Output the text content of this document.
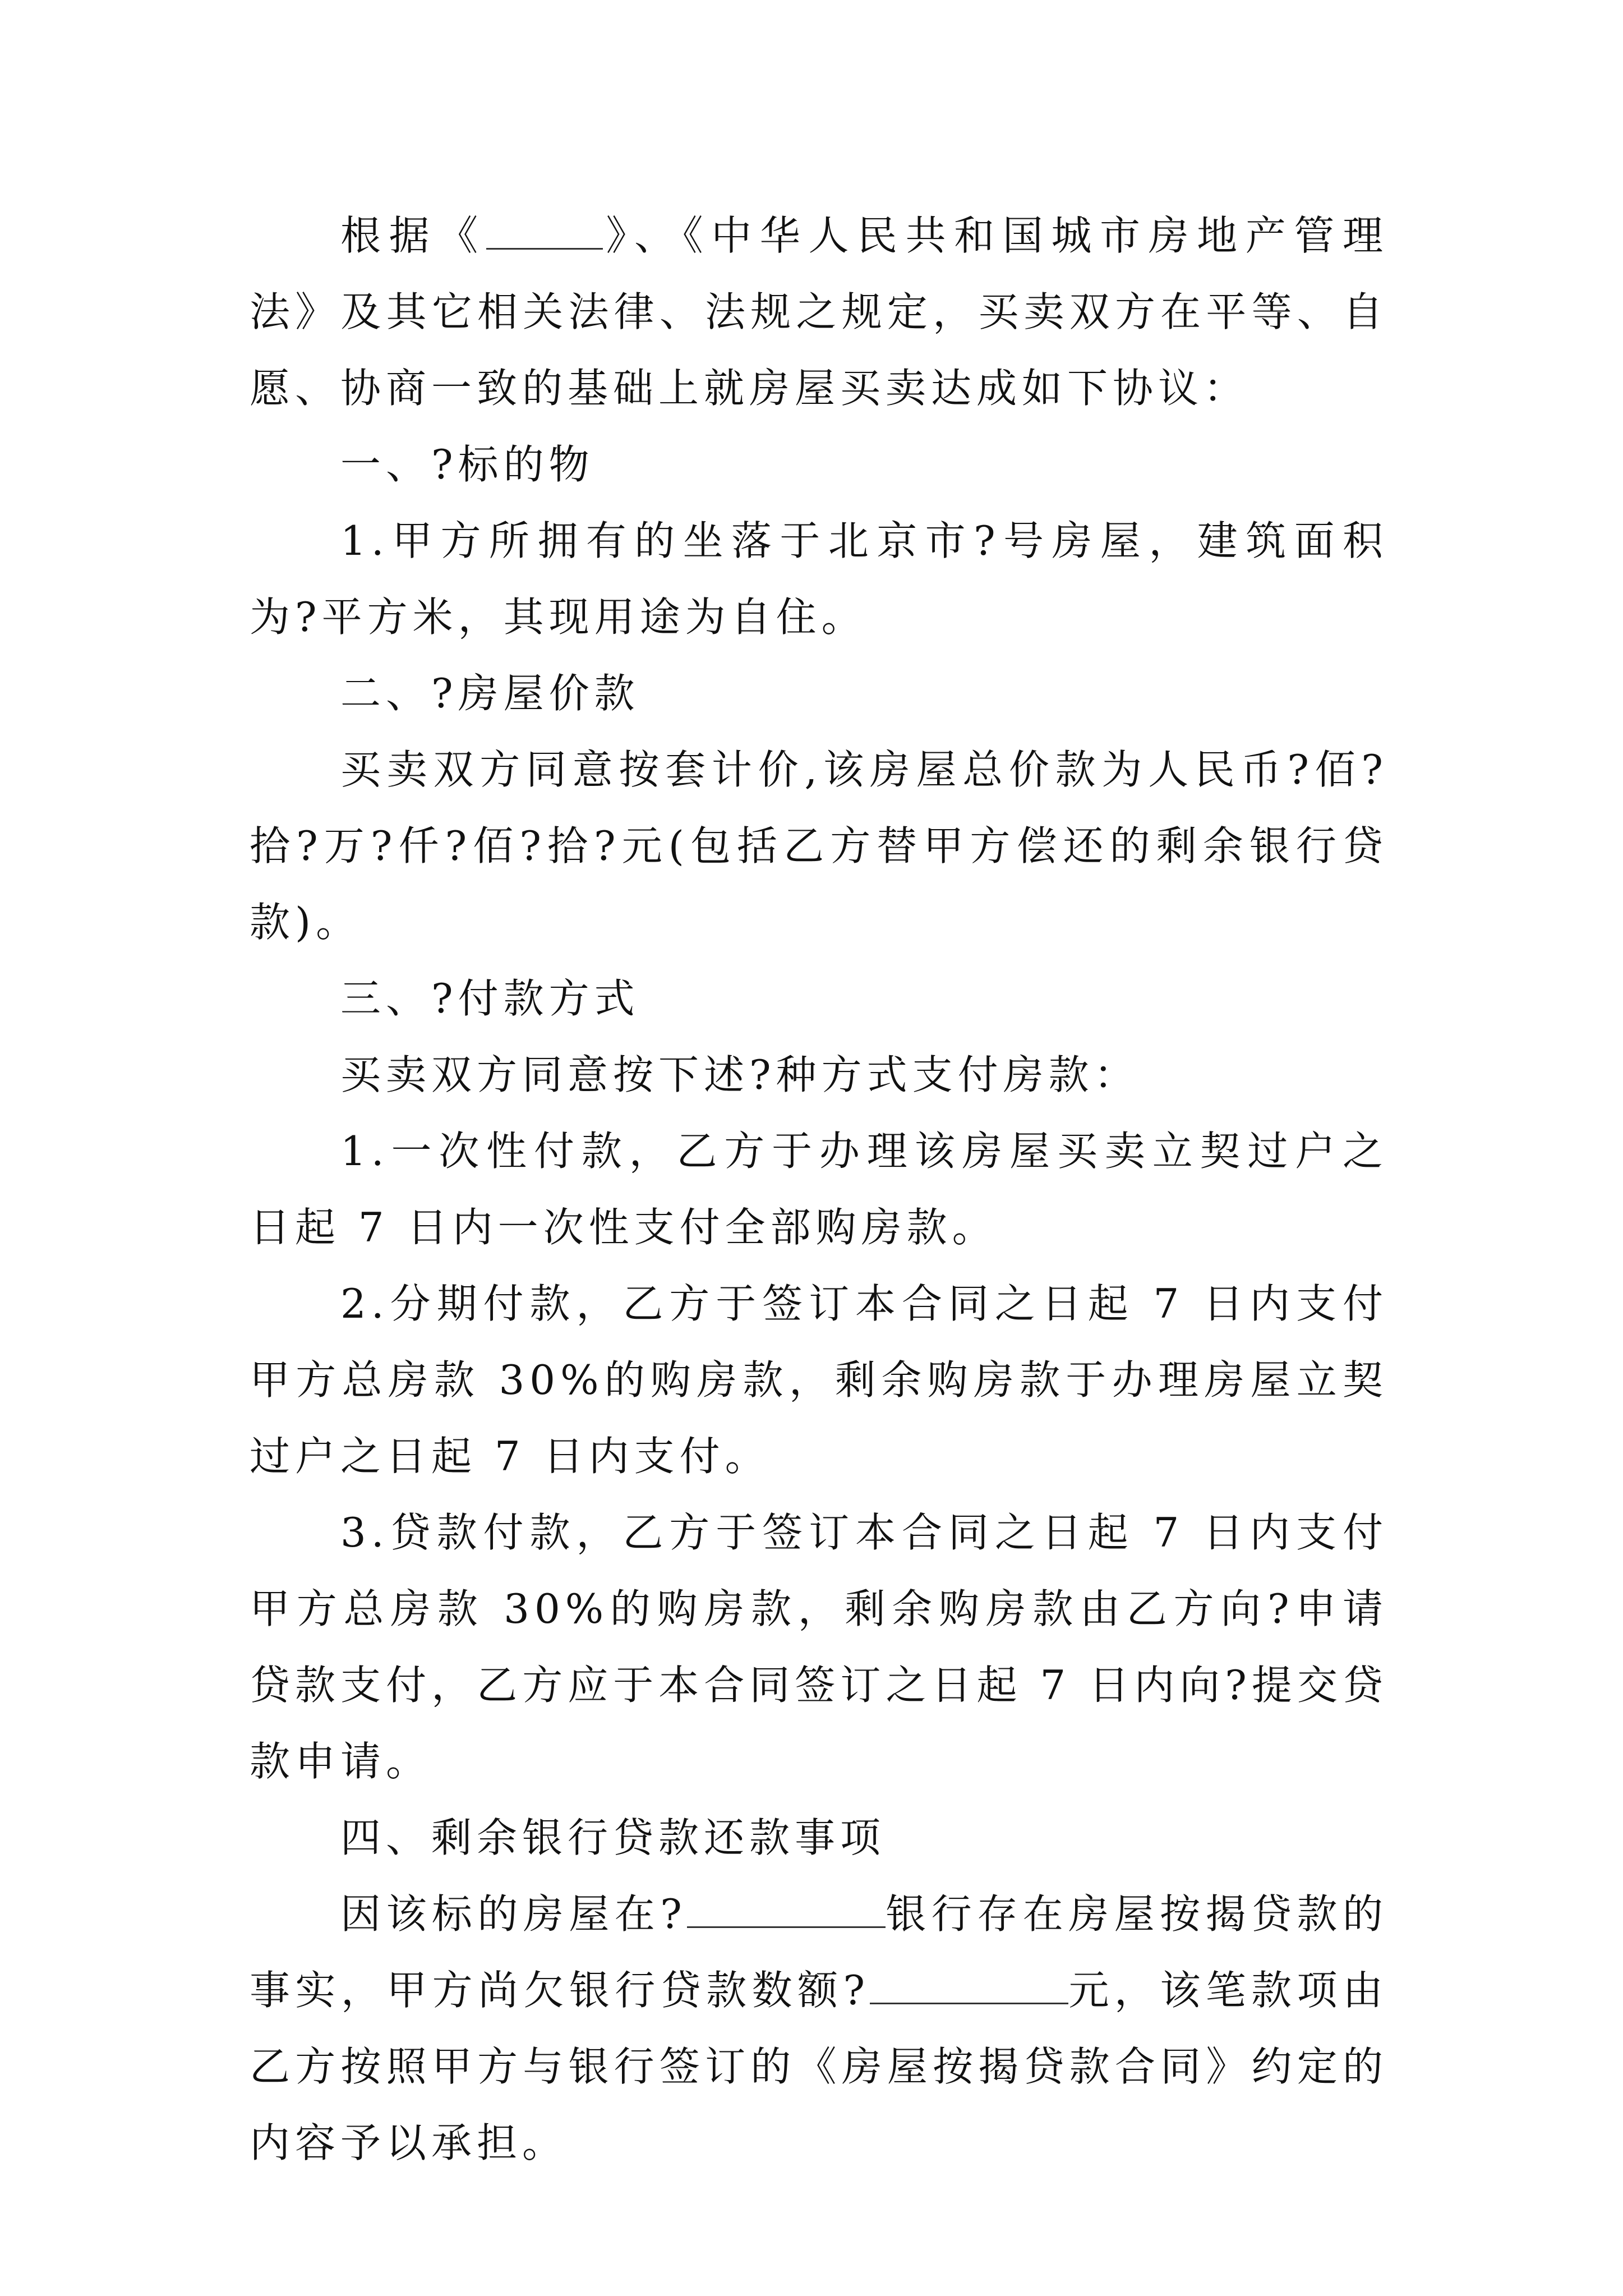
根据《	》、《中华人民共和国城市房地产管理法》及其它相关法律、法规之规定，买卖双方在平等、自愿、协商一致的基础上就房屋买卖达成如下协议：

一、?标的物

1.甲方所拥有的坐落于北京市?号房屋，建筑面积为?平方米，其现用途为自住。

二、?房屋价款

买卖双方同意按套计价,该房屋总价款为人民币?佰?拾?万?仟?佰?拾?元(包括乙方替甲方偿还的剩余银行贷款)。

三、?付款方式

买卖双方同意按下述?种方式支付房款：

1.一次性付款，乙方于办理该房屋买卖立契过户之日起 7 日内一次性支付全部购房款。

2.分期付款，乙方于签订本合同之日起 7 日内支付甲方总房款 30%的购房款，剩余购房款于办理房屋立契过户之日起 7 日内支付。

3.贷款付款，乙方于签订本合同之日起 7 日内支付甲方总房款 30%的购房款，剩余购房款由乙方向?申请贷款支付，乙方应于本合同签订之日起 7 日内向?提交贷款申请。

四、剩余银行贷款还款事项

因该标的房屋在?	银行存在房屋按揭贷款的事实，甲方尚欠银行贷款数额?	元，该笔款项由乙方按照甲方与银行签订的《房屋按揭贷款合同》约定的内容予以承担。
